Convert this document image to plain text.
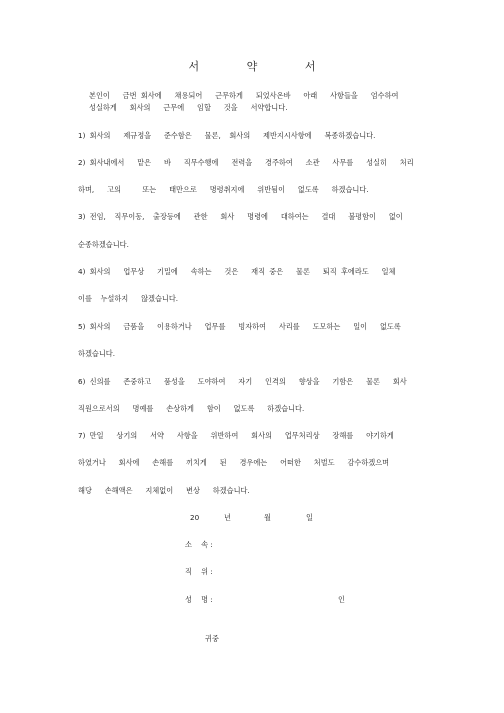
서	약	서
본인이   금번 회사에   채용되어   근무하게   되었사온바   아래   사항들을   엄수하여
성실하게   회사의   근무에   임할   것을   서약합니다.
1) 회사의   제규정을   준수함은   물론,  회사의   제반지시사항에   복종하겠습니다.
2) 회사내에서   맡은   바   직무수행에   전력을   경주하여   소관   사무를   성실히   처리
하며,   고의     또는   태만으로   명령취지에   위반됨이   없도록   하겠습니다.
3) 전임,  직무이동,  출장등에   관한   회사   명령에   대하여는   결대   불평함이   없이
순종하겠습니다.
4) 회사의   업무상   기밀에   속하는   것은   재직 중은   물론   퇴직 후에라도   일체
이를  누설하지   않겠습니다.
5) 회사의   금품을   이용하거나   업무를   빙자하여   사리를   도모하는   일이   없도록
하겠습니다.
6) 신의를   존중하고   품성을   도야하여   자기   인격의   향상을   기함은   물론   회사
직원으로서의   명예를   손상하게   함이   없도록   하겠습니다.
7) 만일   상기의   서약   사항을   위반하여   회사의   업무처리상   장해를   야기하게
하였거나   회사에   손해를   끼치게   된   경우에는   어떠한   처벌도   감수하겠으며
해당   손해액은   지체없이   변상   하겠습니다.
20	년	월	일
소    속 :
직    위 :
성    명 :	인
귀중
